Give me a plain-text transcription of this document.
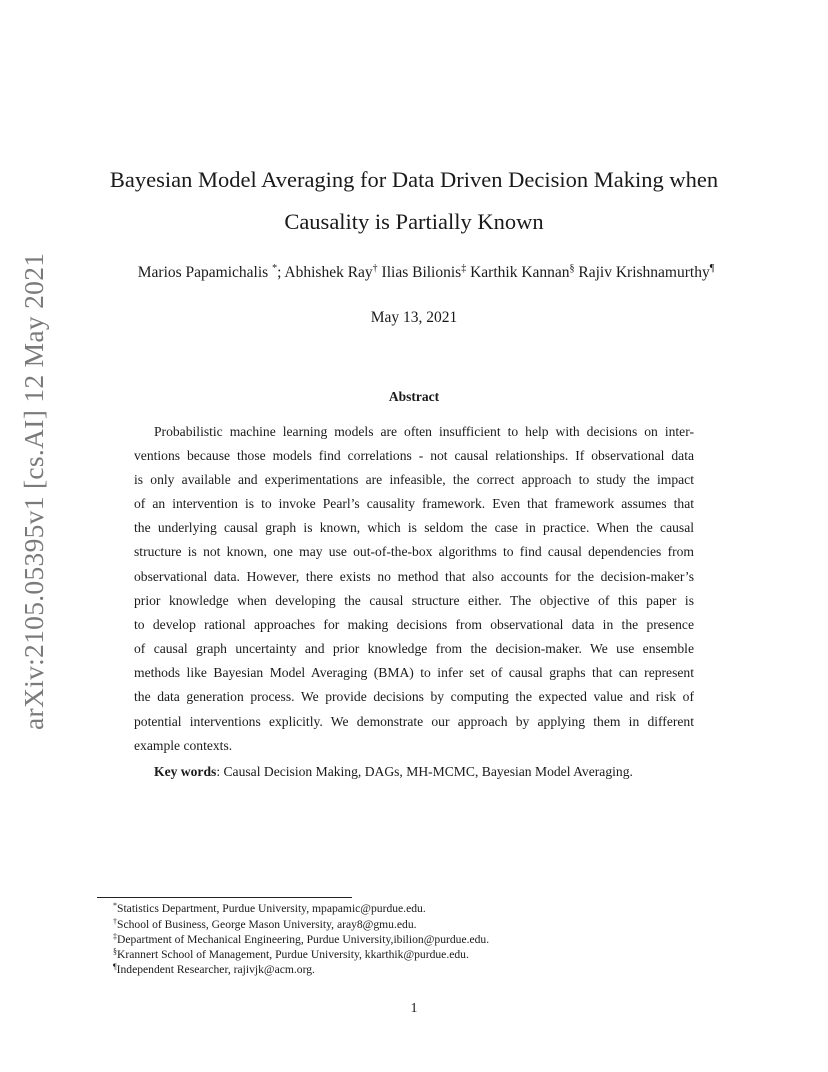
arXiv:2105.05395v1 [cs.AI] 12 May 2021
Bayesian Model Averaging for Data Driven Decision Making when
Causality is Partially Known
Marios Papamichalis *; Abhishek Ray† Ilias Bilionis‡ Karthik Kannan§ Rajiv Krishnamurthy¶
May 13, 2021
Abstract
Probabilistic machine learning models are often insufficient to help with decisions on inter-
ventions because those models find correlations - not causal relationships. If observational data
is only available and experimentations are infeasible, the correct approach to study the impact
of an intervention is to invoke Pearl’s causality framework. Even that framework assumes that
the underlying causal graph is known, which is seldom the case in practice. When the causal
structure is not known, one may use out-of-the-box algorithms to find causal dependencies from
observational data. However, there exists no method that also accounts for the decision-maker’s
prior knowledge when developing the causal structure either. The objective of this paper is
to develop rational approaches for making decisions from observational data in the presence
of causal graph uncertainty and prior knowledge from the decision-maker. We use ensemble
methods like Bayesian Model Averaging (BMA) to infer set of causal graphs that can represent
the data generation process. We provide decisions by computing the expected value and risk of
potential interventions explicitly. We demonstrate our approach by applying them in different
example contexts.
Key words: Causal Decision Making, DAGs, MH-MCMC, Bayesian Model Averaging.
*Statistics Department, Purdue University, mpapamic@purdue.edu.
†School of Business, George Mason University, aray8@gmu.edu.
‡Department of Mechanical Engineering, Purdue University,ibilion@purdue.edu.
§Krannert School of Management, Purdue University, kkarthik@purdue.edu.
¶Independent Researcher, rajivjk@acm.org.
1
